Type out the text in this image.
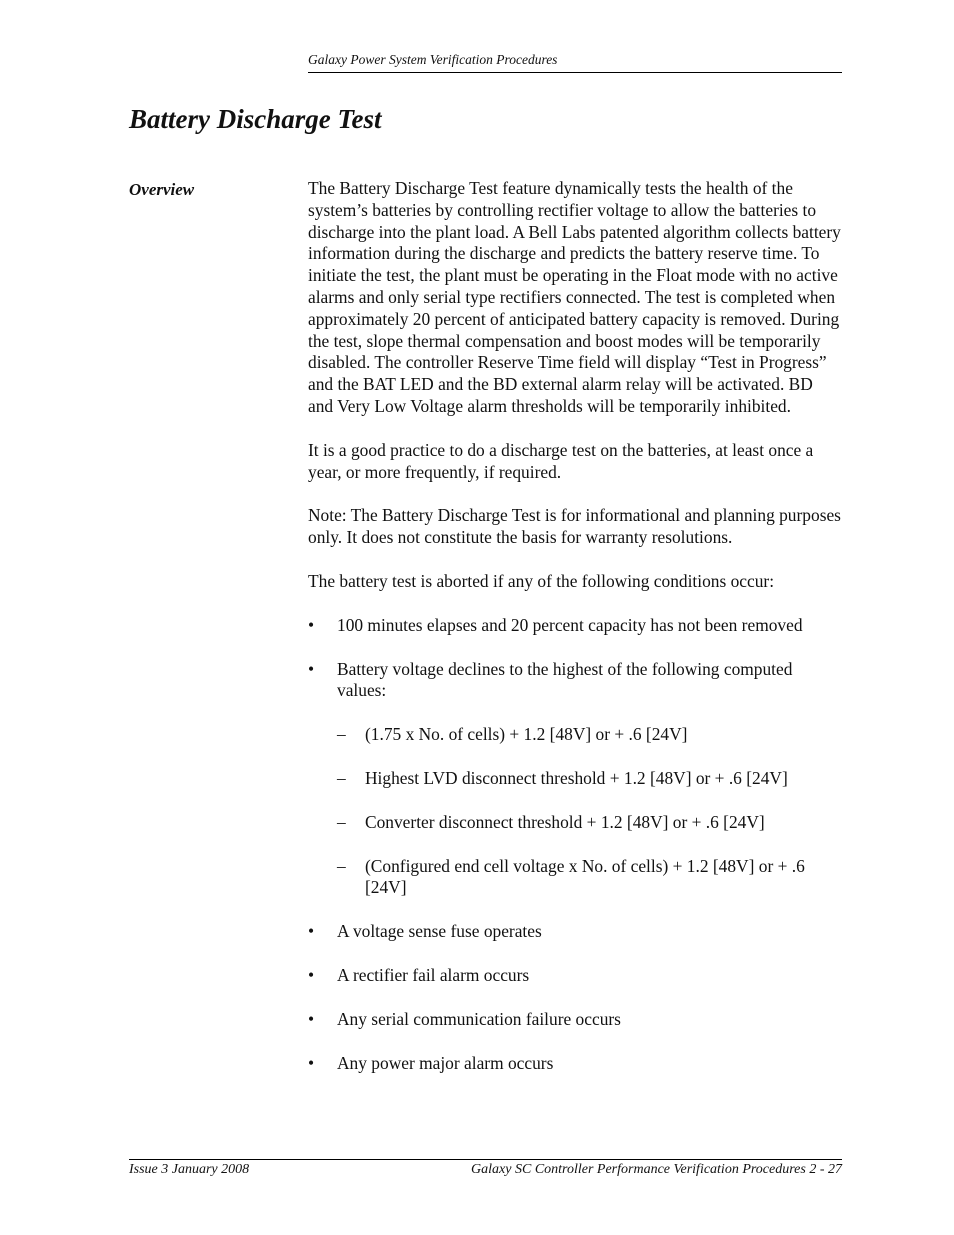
Galaxy Power System Verification Procedures
Battery Discharge Test
Overview	The Battery Discharge Test feature dynamically tests the health of the system’s batteries by controlling rectifier voltage to allow the batteries to discharge into the plant load. A Bell Labs patented algorithm collects battery information during the discharge and predicts the battery reserve time. To initiate the test, the plant must be operating in the Float mode with no active alarms and only serial type rectifiers connected. The test is completed when approximately 20 percent of anticipated battery capacity is removed. During the test, slope thermal compensation and boost modes will be temporarily disabled. The controller Reserve Time field will display “Test in Progress” and the BAT LED and the BD external alarm relay will be activated. BD and Very Low Voltage alarm thresholds will be temporarily inhibited.

It is a good practice to do a discharge test on the batteries, at least once a year, or more frequently, if required.

Note: The Battery Discharge Test is for informational and planning purposes only. It does not constitute the basis for warranty resolutions.

The battery test is aborted if any of the following conditions occur:

• 100 minutes elapses and 20 percent capacity has not been removed
• Battery voltage declines to the highest of the following computed values:
– (1.75 x No. of cells) + 1.2 [48V] or + .6 [24V]
– Highest LVD disconnect threshold + 1.2 [48V] or + .6 [24V]
– Converter disconnect threshold + 1.2 [48V] or + .6 [24V]
– (Configured end cell voltage x No. of cells) + 1.2 [48V] or + .6 [24V]
• A voltage sense fuse operates
• A rectifier fail alarm occurs
• Any serial communication failure occurs
• Any power major alarm occurs
Issue 3 January 2008	Galaxy SC Controller Performance Verification Procedures 2 - 27
